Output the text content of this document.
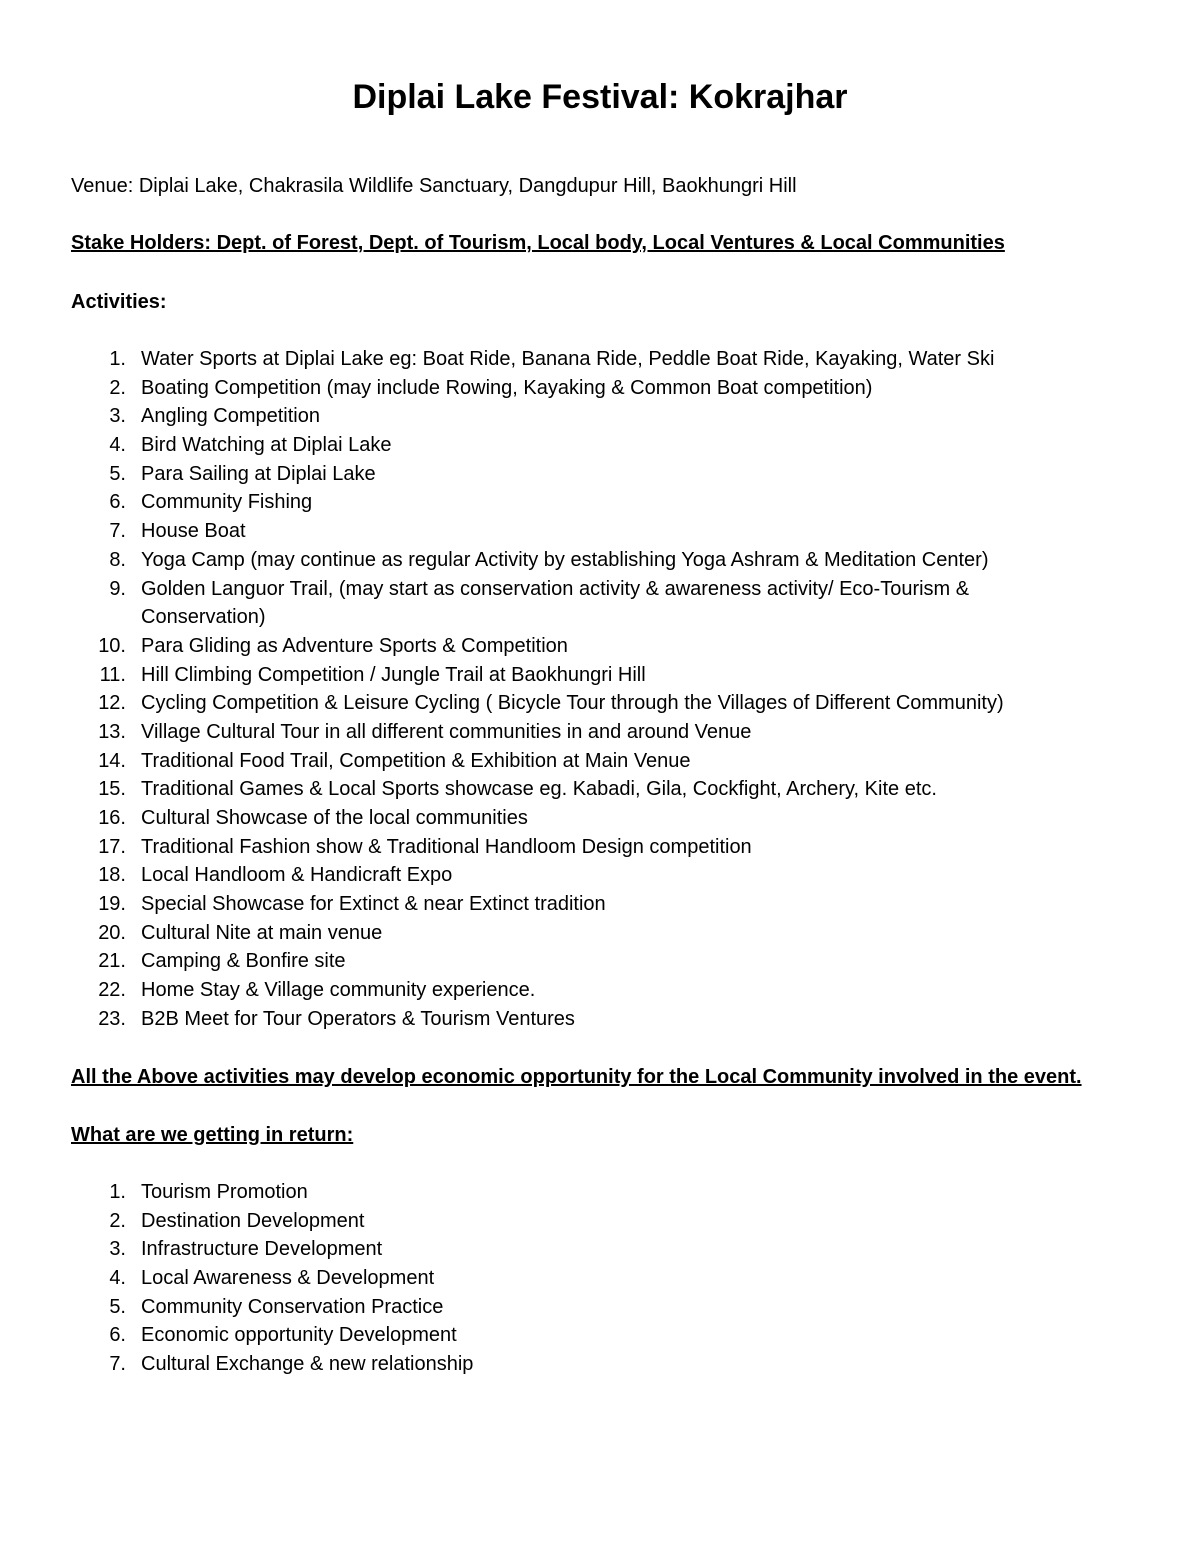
Diplai Lake Festival: Kokrajhar
Venue: Diplai Lake, Chakrasila Wildlife Sanctuary, Dangdupur Hill, Baokhungri Hill
Stake Holders: Dept. of Forest, Dept. of Tourism, Local body, Local Ventures & Local Communities
Activities:
1. Water Sports at Diplai Lake eg: Boat Ride, Banana Ride, Peddle Boat Ride, Kayaking, Water Ski
2. Boating Competition (may include Rowing, Kayaking & Common Boat competition)
3. Angling Competition
4. Bird Watching at Diplai Lake
5. Para Sailing at Diplai Lake
6. Community Fishing
7. House Boat
8. Yoga Camp (may continue as regular Activity by establishing Yoga Ashram & Meditation Center)
9. Golden Languor Trail, (may start as conservation activity & awareness activity/ Eco-Tourism & Conservation)
10. Para Gliding as Adventure Sports & Competition
11. Hill Climbing Competition / Jungle Trail at Baokhungri Hill
12. Cycling Competition & Leisure Cycling ( Bicycle Tour through the Villages of Different Community)
13. Village Cultural Tour in all different communities in and around Venue
14. Traditional Food Trail, Competition & Exhibition at Main Venue
15. Traditional Games & Local Sports showcase eg. Kabadi, Gila, Cockfight, Archery, Kite etc.
16. Cultural Showcase of the local communities
17. Traditional Fashion show & Traditional Handloom Design competition
18. Local Handloom & Handicraft Expo
19. Special Showcase for Extinct & near Extinct tradition
20. Cultural Nite at main venue
21. Camping & Bonfire site
22. Home Stay & Village community experience.
23. B2B Meet for Tour Operators & Tourism Ventures
All the Above activities may develop economic opportunity for the Local Community involved in the event.
What are we getting in return:
1. Tourism Promotion
2. Destination Development
3. Infrastructure Development
4. Local Awareness & Development
5. Community Conservation Practice
6. Economic opportunity Development
7. Cultural Exchange & new relationship
